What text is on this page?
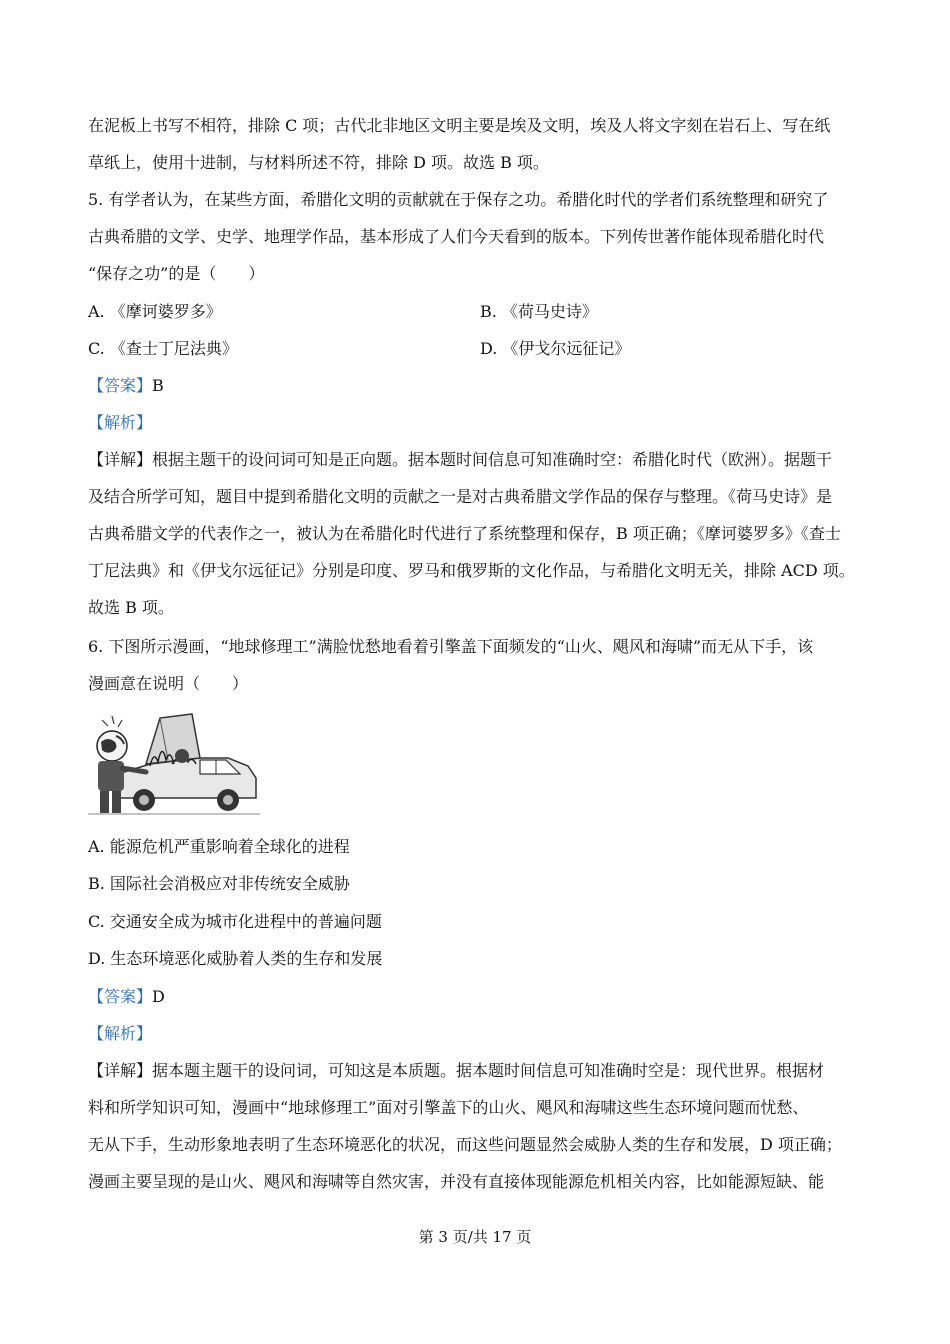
在泥板上书写不相符，排除 C 项；古代北非地区文明主要是埃及文明，埃及人将文字刻在岩石上、写在纸
草纸上，使用十进制，与材料所述不符，排除 D 项。故选 B 项。
5. 有学者认为，在某些方面，希腊化文明的贡献就在于保存之功。希腊化时代的学者们系统整理和研究了
古典希腊的文学、史学、地理学作品，基本形成了人们今天看到的版本。下列传世著作能体现希腊化时代
“保存之功”的是（　　）
A. 《摩诃婆罗多》	B. 《荷马史诗》
C. 《查士丁尼法典》	D. 《伊戈尔远征记》
【答案】B
【解析】
【详解】根据主题干的设问词可知是正向题。据本题时间信息可知准确时空：希腊化时代（欧洲）。据题干
及结合所学可知，题目中提到希腊化文明的贡献之一是对古典希腊文学作品的保存与整理。《荷马史诗》是
古典希腊文学的代表作之一，被认为在希腊化时代进行了系统整理和保存，B 项正确；《摩诃婆罗多》《查士
丁尼法典》和《伊戈尔远征记》分别是印度、罗马和俄罗斯的文化作品，与希腊化文明无关，排除 ACD 项。
故选 B 项。
6. 下图所示漫画，“地球修理工”满脸忧愁地看着引擎盖下面频发的“山火、飓风和海啸”而无从下手，该
漫画意在说明（　　）
A. 能源危机严重影响着全球化的进程
B. 国际社会消极应对非传统安全威胁
C. 交通安全成为城市化进程中的普遍问题
D. 生态环境恶化威胁着人类的生存和发展
【答案】D
【解析】
【详解】据本题主题干的设问词，可知这是本质题。据本题时间信息可知准确时空是：现代世界。根据材
料和所学知识可知，漫画中“地球修理工”面对引擎盖下的山火、飓风和海啸这些生态环境问题而忧愁、
无从下手，生动形象地表明了生态环境恶化的状况，而这些问题显然会威胁人类的生存和发展，D 项正确；
漫画主要呈现的是山火、飓风和海啸等自然灾害，并没有直接体现能源危机相关内容，比如能源短缺、能
第 3 页/共 17 页
